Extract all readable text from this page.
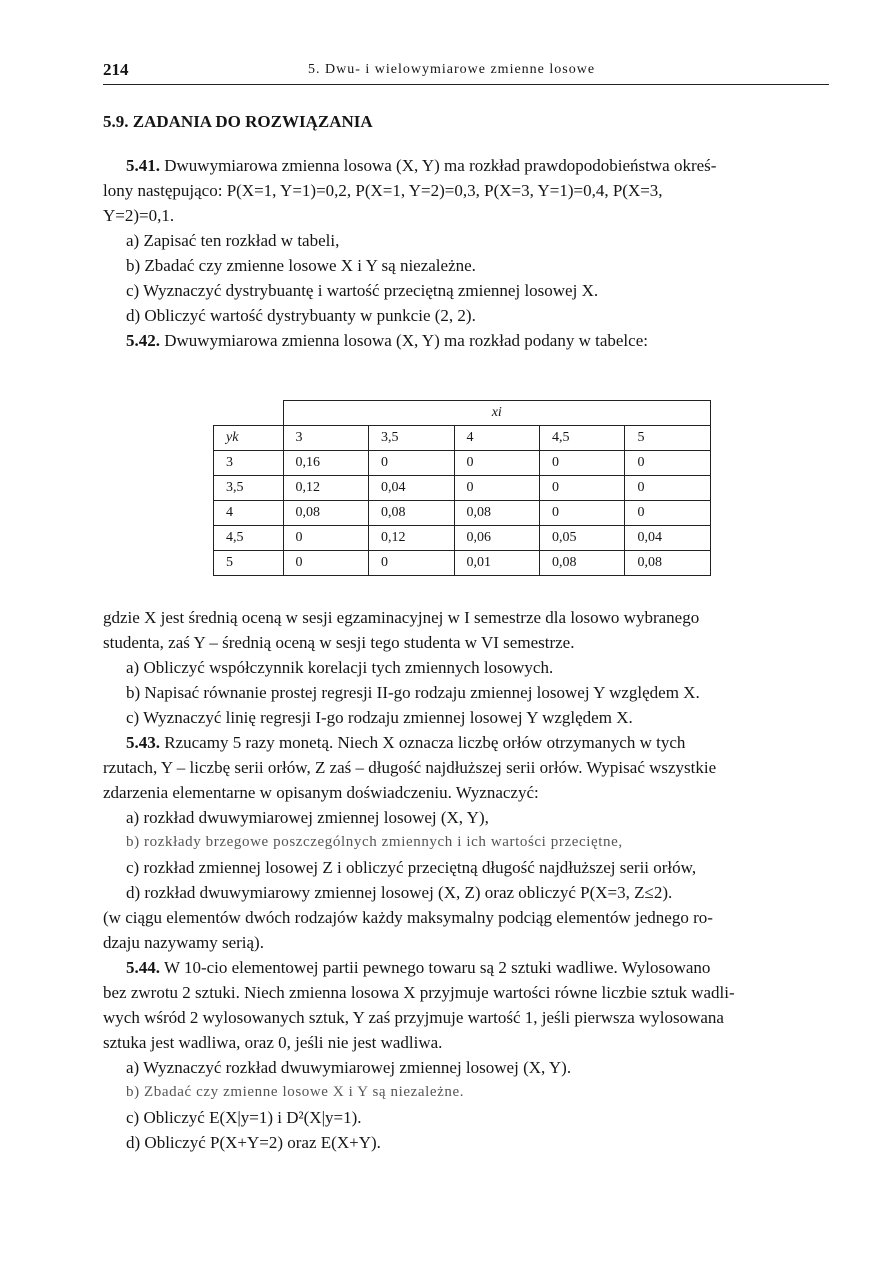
214	5. Dwu- i wielowymiarowe zmienne losowe
5.9. ZADANIA DO ROZWIĄZANIA

5.41. Dwuwymiarowa zmienna losowa (X, Y) ma rozkład prawdopodobieństwa okreś-

lony następująco: P(X=1, Y=1)=0,2, P(X=1, Y=2)=0,3, P(X=3, Y=1)=0,4, P(X=3,

Y=2)=0,1.

a) Zapisać ten rozkład w tabeli,

b) Zbadać czy zmienne losowe X i Y są niezależne.

c) Wyznaczyć dystrybuantę i wartość przeciętną zmiennej losowej X.

d) Obliczyć wartość dystrybuanty w punkcie (2, 2).

5.42. Dwuwymiarowa zmienna losowa (X, Y) ma rozkład podany w tabelce:

	xi				
yk	3	3,5	4	4,5	5
3	0,16	0	0	0	0
3,5	0,12	0,04	0	0	0
4	0,08	0,08	0,08	0	0
4,5	0	0,12	0,06	0,05	0,04
5	0	0	0,01	0,08	0,08

gdzie X jest średnią oceną w sesji egzaminacyjnej w I semestrze dla losowo wybranego

studenta, zaś Y – średnią oceną w sesji tego studenta w VI semestrze.

a) Obliczyć współczynnik korelacji tych zmiennych losowych.

b) Napisać równanie prostej regresji II-go rodzaju zmiennej losowej Y względem X.

c) Wyznaczyć linię regresji I-go rodzaju zmiennej losowej Y względem X.

5.43. Rzucamy 5 razy monetą. Niech X oznacza liczbę orłów otrzymanych w tych

rzutach, Y – liczbę serii orłów, Z zaś – długość najdłuższej serii orłów. Wypisać wszystkie

zdarzenia elementarne w opisanym doświadczeniu. Wyznaczyć:

a) rozkład dwuwymiarowej zmiennej losowej (X, Y),

b) rozkłady brzegowe poszczególnych zmiennych i ich wartości przeciętne,

c) rozkład zmiennej losowej Z i obliczyć przeciętną długość najdłuższej serii orłów,

d) rozkład dwuwymiarowy zmiennej losowej (X, Z) oraz obliczyć P(X=3, Z≤2).

(w ciągu elementów dwóch rodzajów każdy maksymalny podciąg elementów jednego ro-

dzaju nazywamy serią).

5.44. W 10-cio elementowej partii pewnego towaru są 2 sztuki wadliwe. Wylosowano

bez zwrotu 2 sztuki. Niech zmienna losowa X przyjmuje wartości równe liczbie sztuk wadli-

wych wśród 2 wylosowanych sztuk, Y zaś przyjmuje wartość 1, jeśli pierwsza wylosowana

sztuka jest wadliwa, oraz 0, jeśli nie jest wadliwa.

a) Wyznaczyć rozkład dwuwymiarowej zmiennej losowej (X, Y).

b) Zbadać czy zmienne losowe X i Y są niezależne.

c) Obliczyć E(X|y=1) i D²(X|y=1).

d) Obliczyć P(X+Y=2) oraz E(X+Y).
